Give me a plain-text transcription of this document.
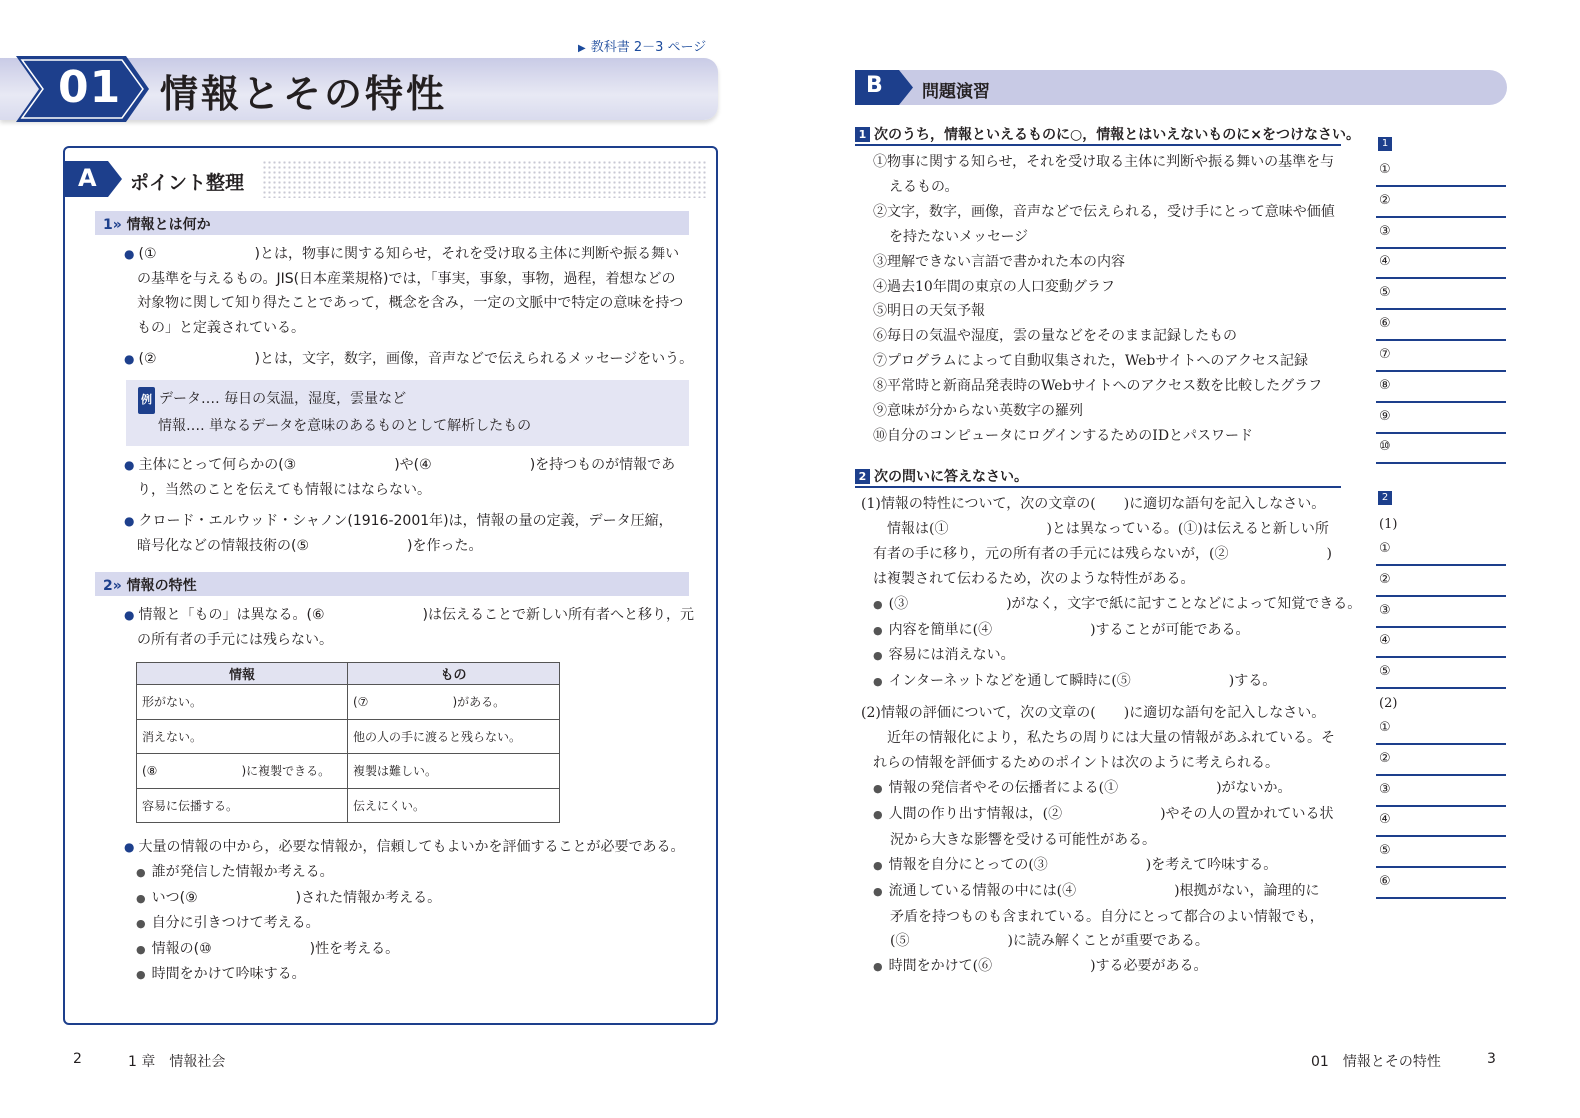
▶ 教科書 2－3 ページ
01 情報とその特性
A ポイント整理
1» 情報とは何か
● (①　　　　　　　)とは，物事に関する知らせ，それを受け取る主体に判断や振る舞い
の基準を与えるもの。JIS(日本産業規格)では，「事実，事象，事物，過程，着想などの
対象物に関して知り得たことであって，概念を含み，一定の文脈中で特定の意味を持つ
もの」と定義されている。
● (②　　　　　　　)とは，文字，数字，画像，音声などで伝えられるメッセージをいう。
例 データ‥‥ 毎日の気温，湿度，雲量など
情報‥‥ 単なるデータを意味のあるものとして解析したもの
● 主体にとって何らかの(③　　　　　　　)や(④　　　　　　　)を持つものが情報であ
り，当然のことを伝えても情報にはならない。
● クロード・エルウッド・シャノン(1916-2001年)は，情報の量の定義，データ圧縮，
暗号化などの情報技術の(⑤　　　　　　　)を作った。
2» 情報の特性
● 情報と「もの」は異なる。(⑥　　　　　　　)は伝えることで新しい所有者へと移り，元
の所有者の手元には残らない。
情報	もの
形がない。	(⑦　　　　　　　)がある。
消えない。	他の人の手に渡ると残らない。
(⑧　　　　　　　)に複製できる。	複製は難しい。
容易に伝播する。	伝えにくい。
● 大量の情報の中から，必要な情報か，信頼してもよいかを評価することが必要である。
● 誰が発信した情報か考える。
● いつ(⑨　　　　　　　)された情報か考える。
● 自分に引きつけて考える。
● 情報の(⑩　　　　　　　)性を考える。
● 時間をかけて吟味する。
2	1 章　情報社会
B 問題演習
1 次のうち，情報といえるものに○，情報とはいえないものに×をつけなさい。
①物事に関する知らせ，それを受け取る主体に判断や振る舞いの基準を与
えるもの。
②文字，数字，画像，音声などで伝えられる，受け手にとって意味や価値
を持たないメッセージ
③理解できない言語で書かれた本の内容
④過去10年間の東京の人口変動グラフ
⑤明日の天気予報
⑥毎日の気温や湿度，雲の量などをそのまま記録したもの
⑦プログラムによって自動収集された，Webサイトへのアクセス記録
⑧平常時と新商品発表時のWebサイトへのアクセス数を比較したグラフ
⑨意味が分からない英数字の羅列
⑩自分のコンピュータにログインするためのIDとパスワード
2 次の問いに答えなさい。
(1)情報の特性について，次の文章の(　　)に適切な語句を記入しなさい。
情報は(①　　　　　　　)とは異なっている。(①)は伝えると新しい所
有者の手に移り，元の所有者の手元には残らないが，(②　　　　　　　)
は複製されて伝わるため，次のような特性がある。
● (③　　　　　　　)がなく，文字で紙に記すことなどによって知覚できる。
● 内容を簡単に(④　　　　　　　)することが可能である。
● 容易には消えない。
● インターネットなどを通して瞬時に(⑤　　　　　　　)する。
(2)情報の評価について，次の文章の(　　)に適切な語句を記入しなさい。
近年の情報化により，私たちの周りには大量の情報があふれている。そ
れらの情報を評価するためのポイントは次のように考えられる。
● 情報の発信者やその伝播者による(①　　　　　　　)がないか。
● 人間の作り出す情報は，(②　　　　　　　)やその人の置かれている状
況から大きな影響を受ける可能性がある。
● 情報を自分にとっての(③　　　　　　　)を考えて吟味する。
● 流通している情報の中には(④　　　　　　　)根拠がない，論理的に
矛盾を持つものも含まれている。自分にとって都合のよい情報でも，
(⑤　　　　　　　)に読み解くことが重要である。
● 時間をかけて(⑥　　　　　　　)する必要がある。
1
①
②
③
④
⑤
⑥
⑦
⑧
⑨
⑩
2
(1)
①
②
③
④
⑤
(2)
①
②
③
④
⑤
⑥
01　情報とその特性	3
